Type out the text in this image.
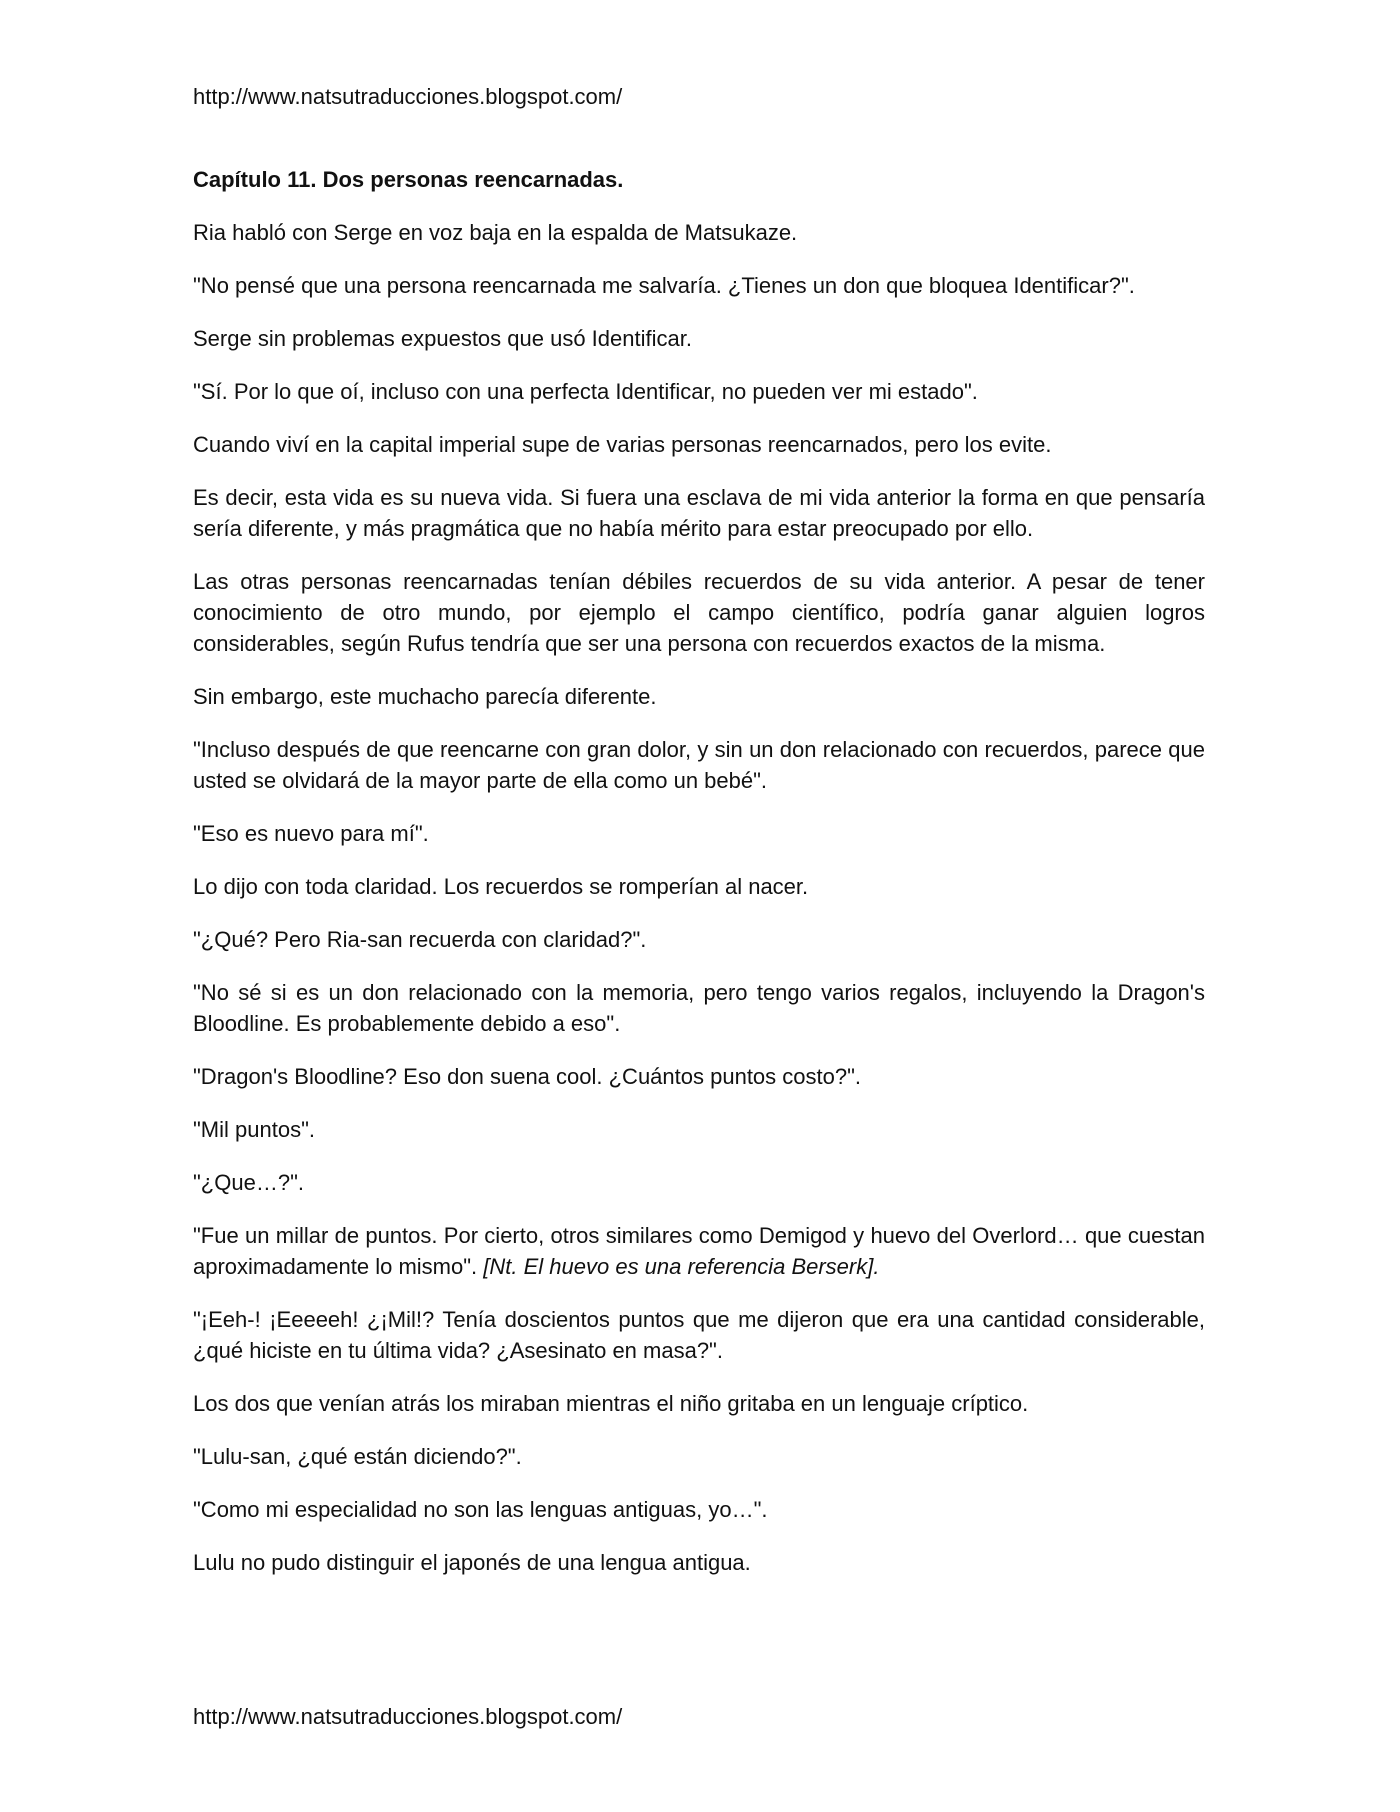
http://www.natsutraducciones.blogspot.com/
Capítulo 11. Dos personas reencarnadas.

Ria habló con Serge en voz baja en la espalda de Matsukaze.

"No pensé que una persona reencarnada me salvaría. ¿Tienes un don que bloquea Identificar?".

Serge sin problemas expuestos que usó Identificar.

"Sí. Por lo que oí, incluso con una perfecta Identificar, no pueden ver mi estado".

Cuando viví en la capital imperial supe de varias personas reencarnados, pero los evite.

Es decir, esta vida es su nueva vida. Si fuera una esclava de mi vida anterior la forma en que pensaría sería diferente, y más pragmática que no había mérito para estar preocupado por ello.

Las otras personas reencarnadas tenían débiles recuerdos de su vida anterior. A pesar de tener conocimiento de otro mundo, por ejemplo el campo científico, podría ganar alguien logros considerables, según Rufus tendría que ser una persona con recuerdos exactos de la misma.

Sin embargo, este muchacho parecía diferente.

"Incluso después de que reencarne con gran dolor, y sin un don relacionado con recuerdos, parece que usted se olvidará de la mayor parte de ella como un bebé".

"Eso es nuevo para mí".

Lo dijo con toda claridad. Los recuerdos se romperían al nacer.

"¿Qué? Pero Ria-san recuerda con claridad?".

"No sé si es un don relacionado con la memoria, pero tengo varios regalos, incluyendo la Dragon's Bloodline. Es probablemente debido a eso".

"Dragon's Bloodline? Eso don suena cool. ¿Cuántos puntos costo?".

"Mil puntos".

"¿Que…?".

"Fue un millar de puntos. Por cierto, otros similares como Demigod y huevo del Overlord… que cuestan aproximadamente lo mismo". [Nt. El huevo es una referencia Berserk].

"¡Eeh-! ¡Eeeeeh! ¿¡Mil!? Tenía doscientos puntos que me dijeron que era una cantidad considerable, ¿qué hiciste en tu última vida? ¿Asesinato en masa?".

Los dos que venían atrás los miraban mientras el niño gritaba en un lenguaje críptico.

"Lulu-san, ¿qué están diciendo?".

"Como mi especialidad no son las lenguas antiguas, yo…".

Lulu no pudo distinguir el japonés de una lengua antigua.

http://www.natsutraducciones.blogspot.com/
